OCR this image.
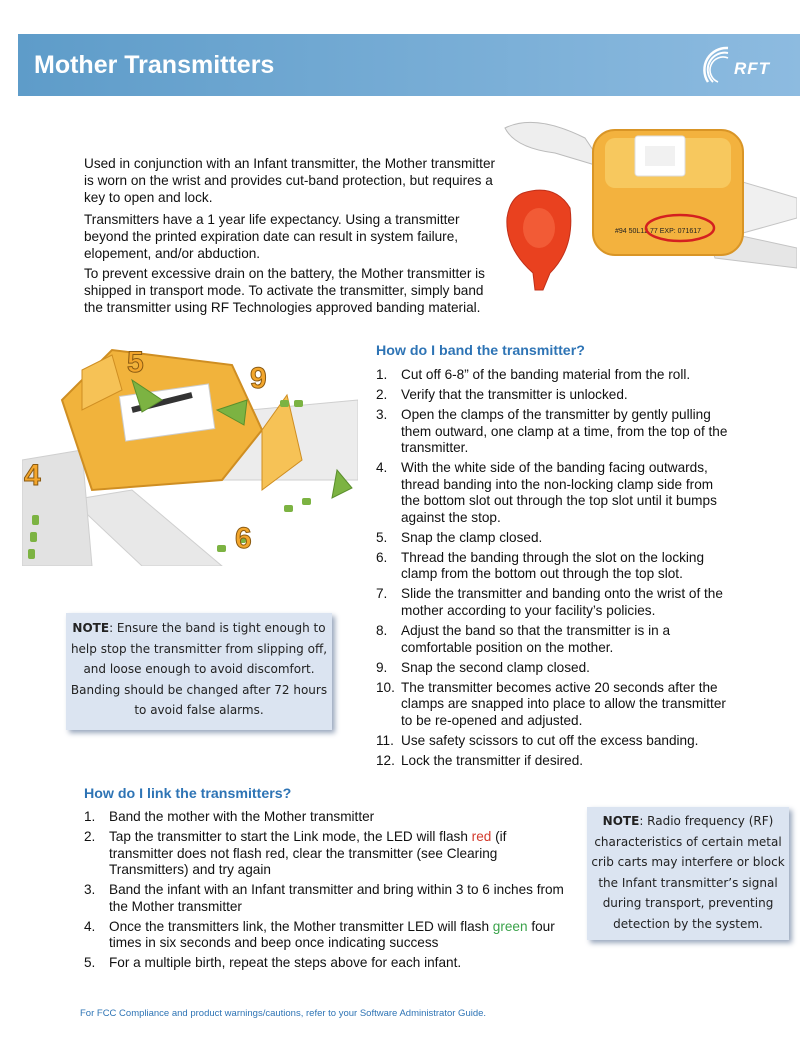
Mother Transmitters	RFT

Used in conjunction with an Infant transmitter, the Mother transmitter is worn on the wrist and provides cut-band protection, but requires a key to open and lock.

Transmitters have a 1 year life expectancy. Using a transmitter beyond the printed expiration date can result in system failure, elopement, and/or abduction.

To prevent excessive drain on the battery, the Mother transmitter is shipped in transport mode. To activate the transmitter, simply band the transmitter using RF Technologies approved banding material.

#94 50L12.77 EXP: 071617
5	9
4
6
How do I band the transmitter?
1. Cut off 6-8” of the banding material from the roll.
2. Verify that the transmitter is unlocked.
3. Open the clamps of the transmitter by gently pulling them outward, one clamp at a time, from the top of the transmitter.
4. With the white side of the banding facing outwards, thread banding into the non-locking clamp side from the bottom slot out through the top slot until it bumps against the stop.
5. Snap the clamp closed.
6. Thread the banding through the slot on the locking clamp from the bottom out through the top slot.
7. Slide the transmitter and banding onto the wrist of the mother according to your facility’s policies.
8. Adjust the band so that the transmitter is in a comfortable position on the mother.
9. Snap the second clamp closed.
10. The transmitter becomes active 20 seconds after the clamps are snapped into place to allow the transmitter to be re-opened and adjusted.
11. Use safety scissors to cut off the excess banding.
12. Lock the transmitter if desired.
NOTE: Ensure the band is tight enough to help stop the transmitter from slipping off, and loose enough to avoid discomfort. Banding should be changed after 72 hours to avoid false alarms.
How do I link the transmitters?
1. Band the mother with the Mother transmitter
2. Tap the transmitter to start the Link mode, the LED will flash red (if transmitter does not flash red, clear the transmitter (see Clearing Transmitters) and try again
3. Band the infant with an Infant transmitter and bring within 3 to 6 inches from the Mother transmitter
4. Once the transmitters link, the Mother transmitter LED will flash green four times in six seconds and beep once indicating success
5. For a multiple birth, repeat the steps above for each infant.
NOTE: Radio frequency (RF) characteristics of certain metal crib carts may interfere or block the Infant transmitter’s signal during transport, preventing detection by the system.
For FCC Compliance and product warnings/cautions, refer to your Software Administrator Guide.
